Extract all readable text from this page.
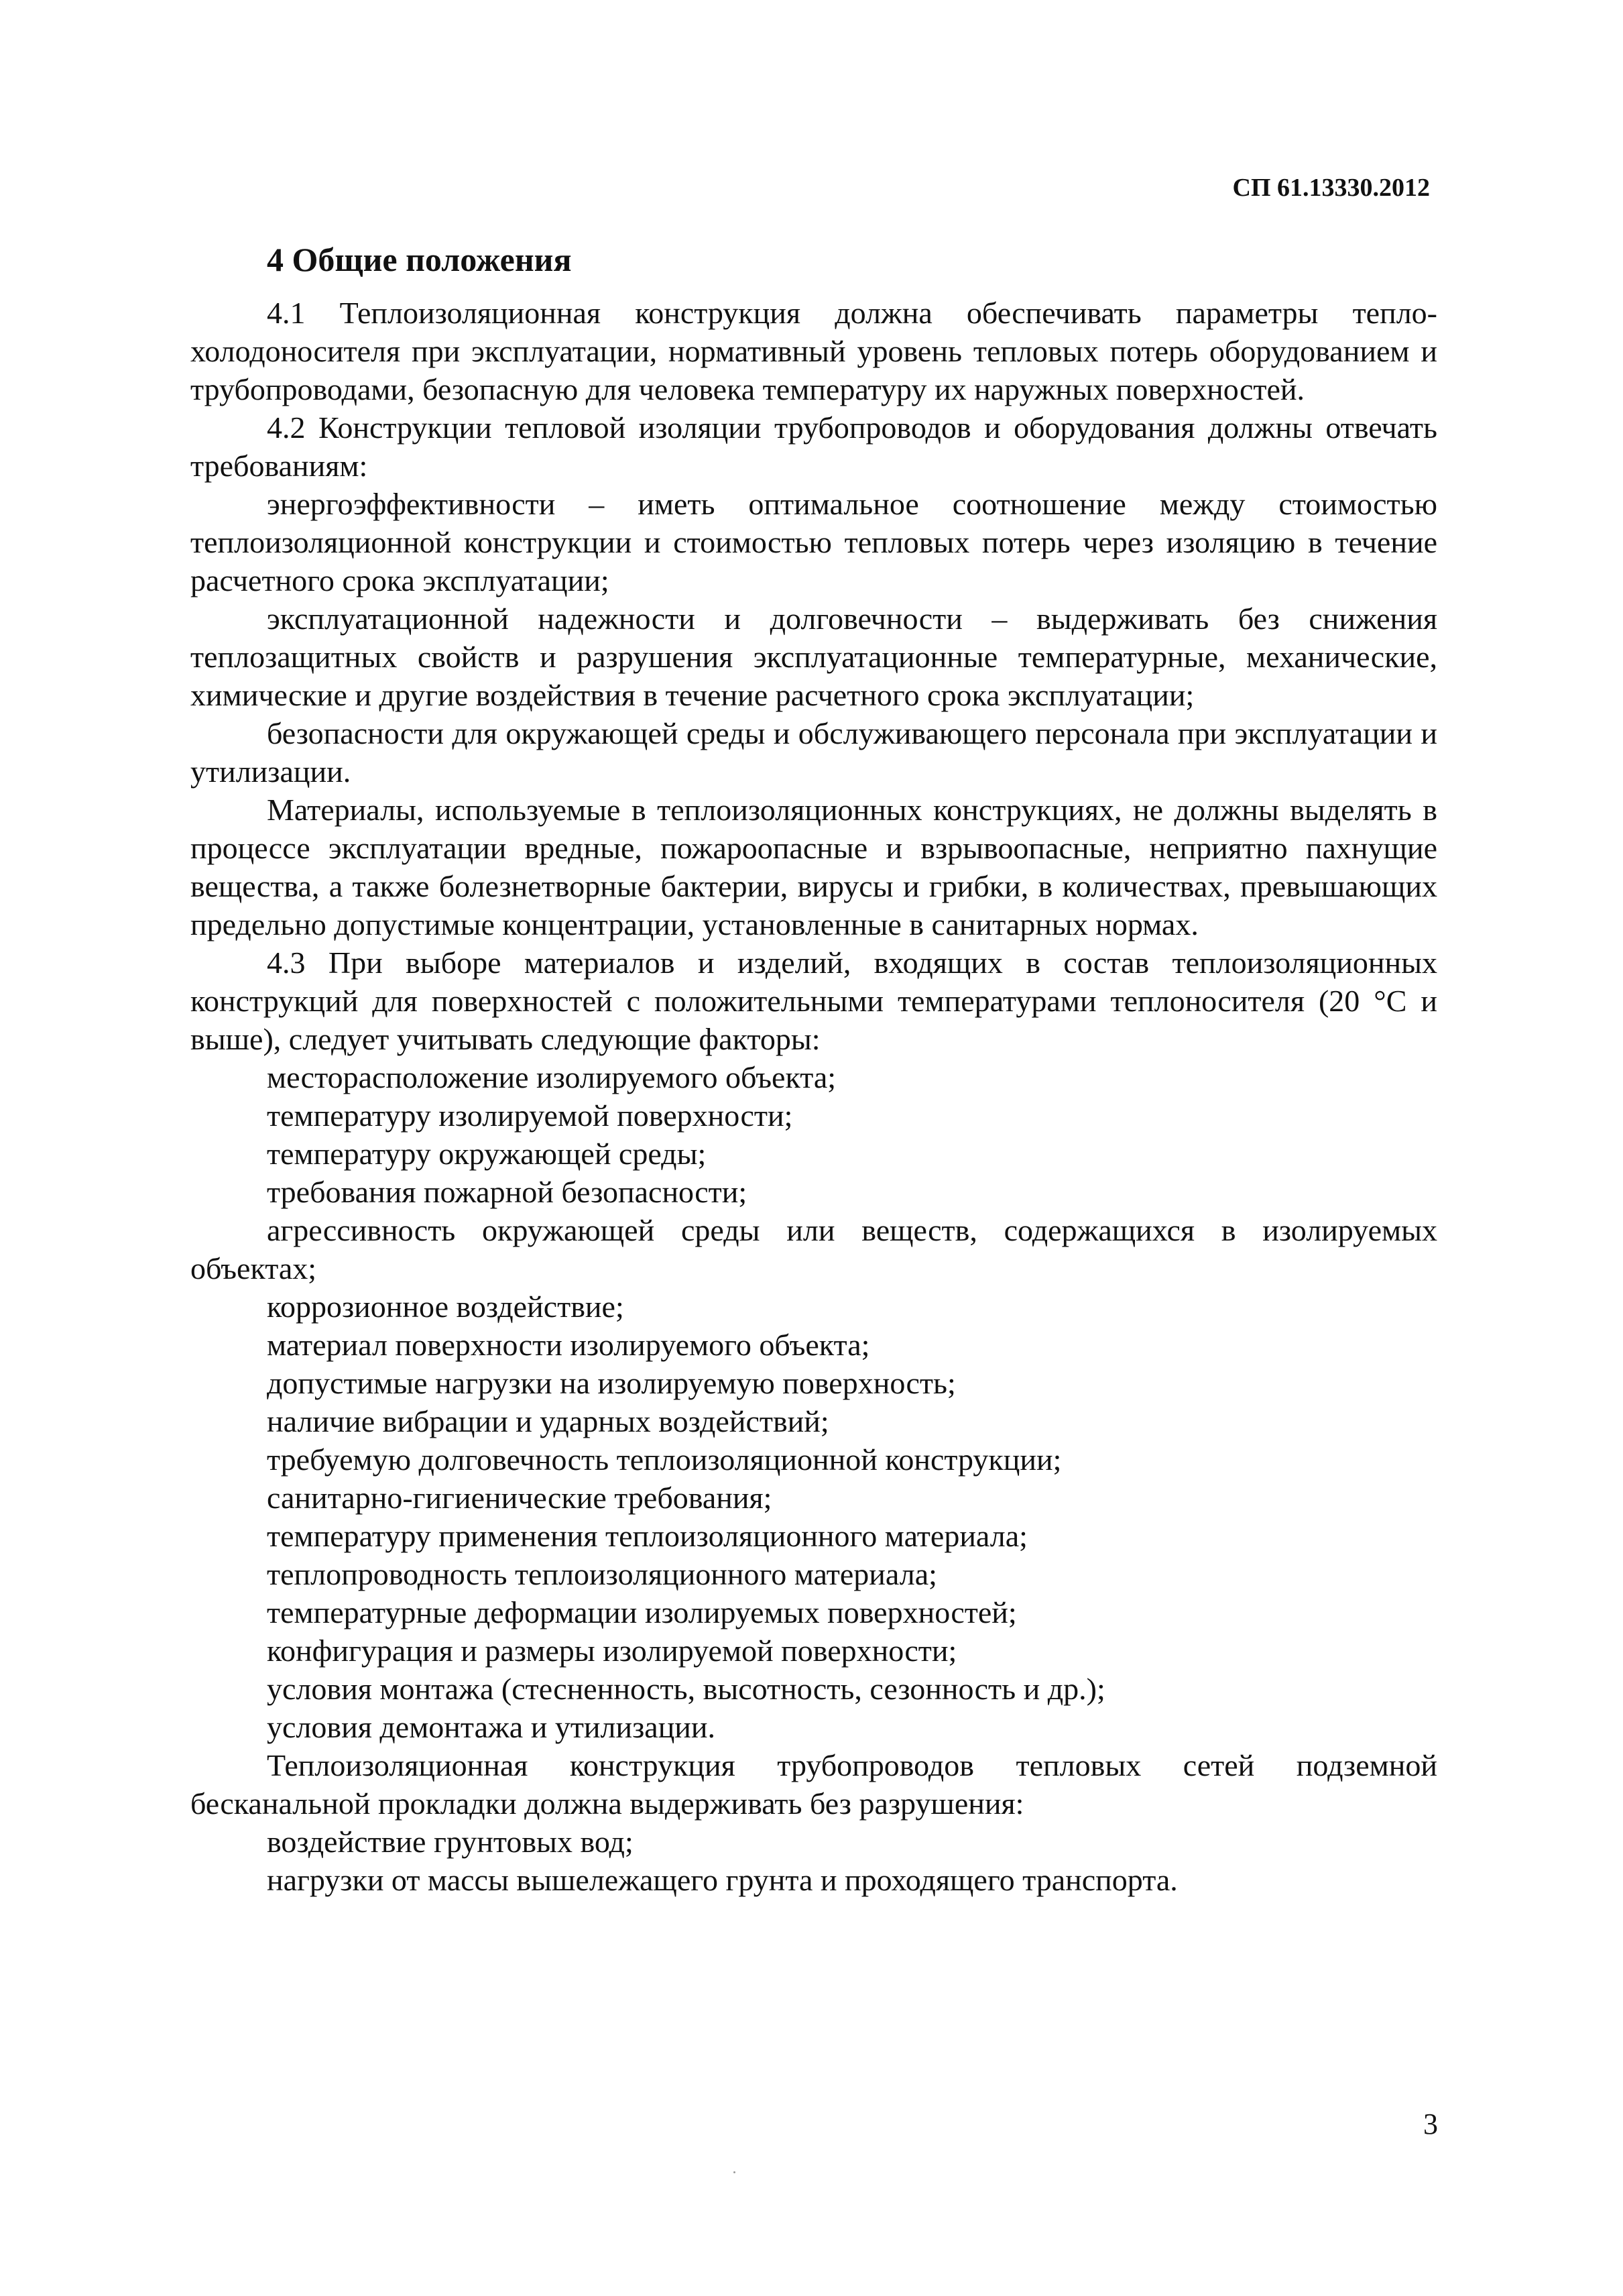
СП 61.13330.2012
4 Общие положения

4.1 Теплоизоляционная конструкция должна обеспечивать параметры тепло-холодоносителя при эксплуатации, нормативный уровень тепловых потерь оборудованием и трубопроводами, безопасную для человека температуру их наружных поверхностей.

4.2 Конструкции тепловой изоляции трубопроводов и оборудования должны отвечать требованиям:

энергоэффективности – иметь оптимальное соотношение между стоимостью теплоизоляционной конструкции и стоимостью тепловых потерь через изоляцию в течение расчетного срока эксплуатации;

эксплуатационной надежности и долговечности – выдерживать без снижения теплозащитных свойств и разрушения эксплуатационные температурные, механические, химические и другие воздействия в течение расчетного срока эксплуатации;

безопасности для окружающей среды и обслуживающего персонала при эксплуатации и утилизации.

Материалы, используемые в теплоизоляционных конструкциях, не должны выделять в процессе эксплуатации вредные, пожароопасные и взрывоопасные, неприятно пахнущие вещества, а также болезнетворные бактерии, вирусы и грибки, в количествах, превышающих предельно допустимые концентрации, установленные в санитарных нормах.

4.3 При выборе материалов и изделий, входящих в состав теплоизоляционных конструкций для поверхностей с положительными температурами теплоносителя (20 °С и выше), следует учитывать следующие факторы:

месторасположение изолируемого объекта;

температуру изолируемой поверхности;

температуру окружающей среды;

требования пожарной безопасности;

агрессивность окружающей среды или веществ, содержащихся в изолируемых объектах;

коррозионное воздействие;

материал поверхности изолируемого объекта;

допустимые нагрузки на изолируемую поверхность;

наличие вибрации и ударных воздействий;

требуемую долговечность теплоизоляционной конструкции;

санитарно-гигиенические требования;

температуру применения теплоизоляционного материала;

теплопроводность теплоизоляционного материала;

температурные деформации изолируемых поверхностей;

конфигурация и размеры изолируемой поверхности;

условия монтажа (стесненность, высотность, сезонность и др.);

условия демонтажа и утилизации.

Теплоизоляционная конструкция трубопроводов тепловых сетей подземной бесканальной прокладки должна выдерживать без разрушения:

воздействие грунтовых вод;

нагрузки от массы вышележащего грунта и проходящего транспорта.

3
